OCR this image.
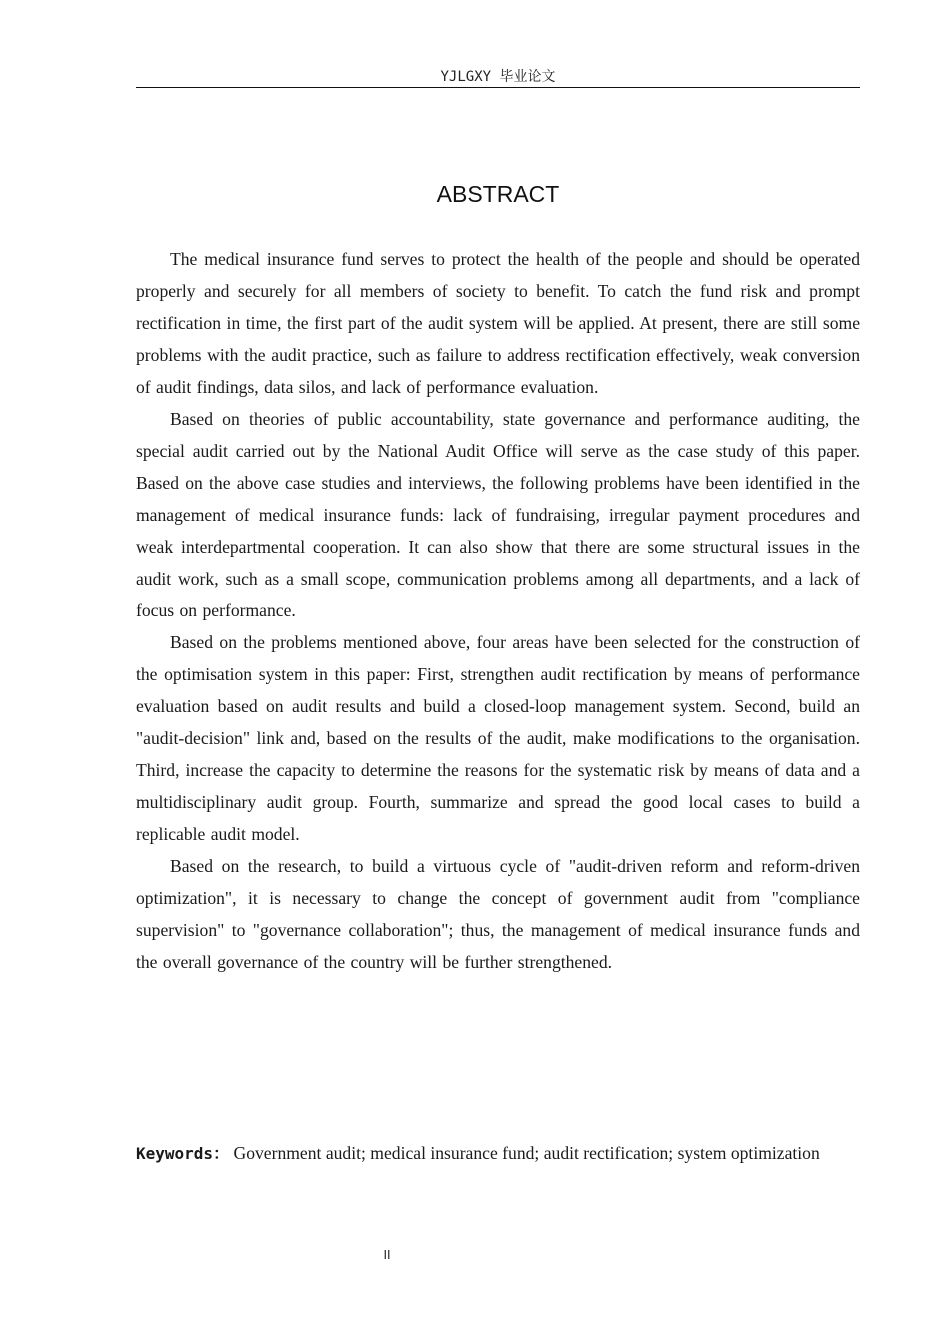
YJLGXY 毕业论文
ABSTRACT

The medical insurance fund serves to protect the health of the people and should be operated properly and securely for all members of society to benefit. To catch the fund risk and prompt rectification in time, the first part of the audit system will be applied. At present, there are still some problems with the audit practice, such as failure to address rectification effectively, weak conversion of audit findings, data silos, and lack of performance evaluation.

Based on theories of public accountability, state governance and performance auditing, the special audit carried out by the National Audit Office will serve as the case study of this paper. Based on the above case studies and interviews, the following problems have been identified in the management of medical insurance funds: lack of fundraising, irregular payment procedures and weak interdepartmental cooperation. It can also show that there are some structural issues in the audit work, such as a small scope, communication problems among all departments, and a lack of focus on performance.

Based on the problems mentioned above, four areas have been selected for the construction of the optimisation system in this paper: First, strengthen audit rectification by means of performance evaluation based on audit results and build a closed-loop management system. Second, build an "audit-decision" link and, based on the results of the audit, make modifications to the organisation. Third, increase the capacity to determine the reasons for the systematic risk by means of data and a multidisciplinary audit group. Fourth, summarize and spread the good local cases to build a replicable audit model.

Based on the research, to build a virtuous cycle of "audit-driven reform and reform-driven optimization", it is necessary to change the concept of government audit from "compliance supervision" to "governance collaboration"; thus, the management of medical insurance funds and the overall governance of the country will be further strengthened.

Keywords： Government audit; medical insurance fund; audit rectification; system optimization
II
